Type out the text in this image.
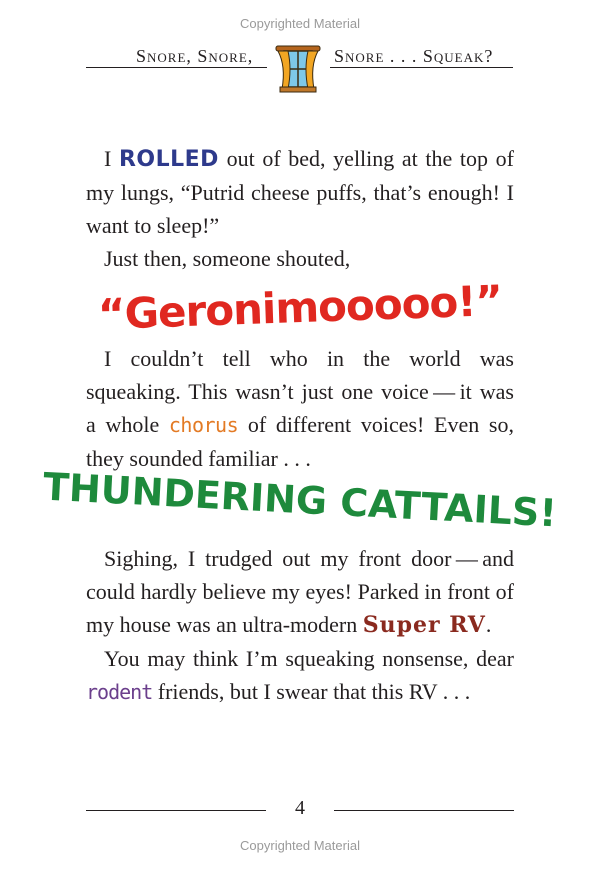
Copyrighted Material
Snore, Snore,	Snore . . . Squeak?

I ROLLED out of bed, yelling at the top of my lungs, “Putrid cheese puffs, that’s enough! I want to sleep!”

Just then, someone shouted,

“Geronimooooo!”

I couldn’t tell who in the world was squeaking. This wasn’t just one voice — it was a whole chorus of different voices! Even so, they sounded familiar . . .

THUNDERING CATTAILS!

Sighing, I trudged out my front door — and could hardly believe my eyes! Parked in front of my house was an ultra-modern Super RV.

You may think I’m squeaking nonsense, dear rodent friends, but I swear that this RV . . .

4
Copyrighted Material
